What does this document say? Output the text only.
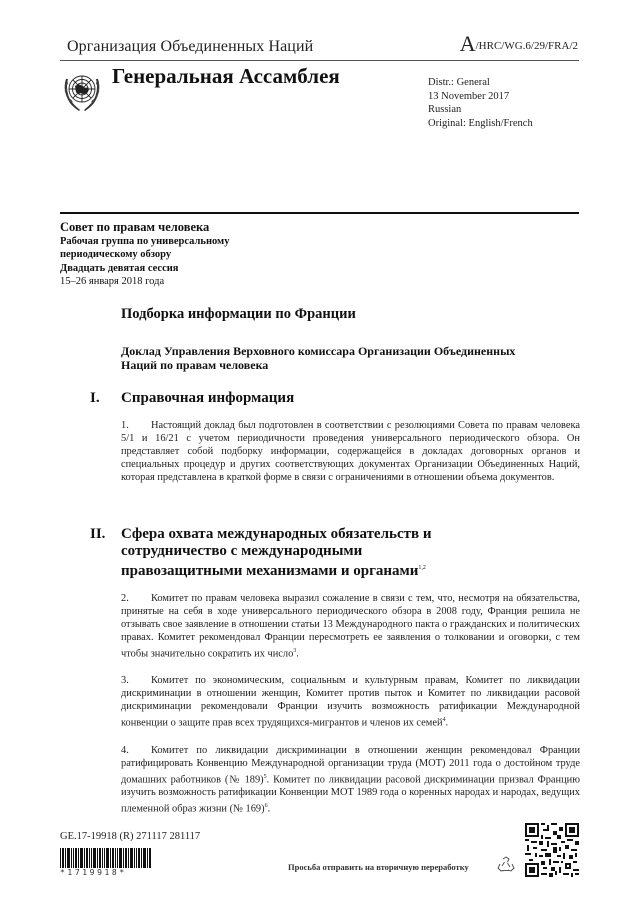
Организация Объединенных Наций	A/HRC/WG.6/29/FRA/2
Генеральная Ассамблея	Distr.: General
13 November 2017
Russian
Original: English/French
Совет по правам человека
Рабочая группа по универсальному
периодическому обзору
Двадцать девятая сессия
15–26 января 2018 года
Подборка информации по Франции
Доклад Управления Верховного комиссара Организации Объединенных Наций по правам человека
I. Справочная информация
1. Настоящий доклад был подготовлен в соответствии с резолюциями Совета по правам человека 5/1 и 16/21 с учетом периодичности проведения универсального периодического обзора. Он представляет собой подборку информации, содержащейся в докладах договорных органов и специальных процедур и других соответствующих документах Организации Объединенных Наций, которая представлена в краткой форме в связи с ограничениями в отношении объема документов.
II. Сфера охвата международных обязательств и сотрудничество с международными правозащитными механизмами и органами$^{1,2}$
2. Комитет по правам человека выразил сожаление в связи с тем, что, несмотря на обязательства, принятые на себя в ходе универсального периодического обзора в 2008 году, Франция решила не отзывать свое заявление в отношении статьи 13 Международного пакта о гражданских и политических правах. Комитет рекомендовал Франции пересмотреть ее заявления о толковании и оговорки, с тем чтобы значительно сократить их число$^3$.
3. Комитет по экономическим, социальным и культурным правам, Комитет по ликвидации дискриминации в отношении женщин, Комитет против пыток и Комитет по ликвидации расовой дискриминации рекомендовали Франции изучить возможность ратификации Международной конвенции о защите прав всех трудящихся-мигрантов и членов их семей$^4$.
4. Комитет по ликвидации дискриминации в отношении женщин рекомендовал Франции ратифицировать Конвенцию Международной организации труда (МОТ) 2011 года о достойном труде домашних работников (№ 189)$^5$. Комитет по ликвидации расовой дискриминации призвал Францию изучить возможность ратификации Конвенции МОТ 1989 года о коренных народах и народах, ведущих племенной образ жизни (№ 169)$^6$.
GE.17-19918 (R) 271117 281117
*1719918*
Просьба отправить на вторичную переработку
